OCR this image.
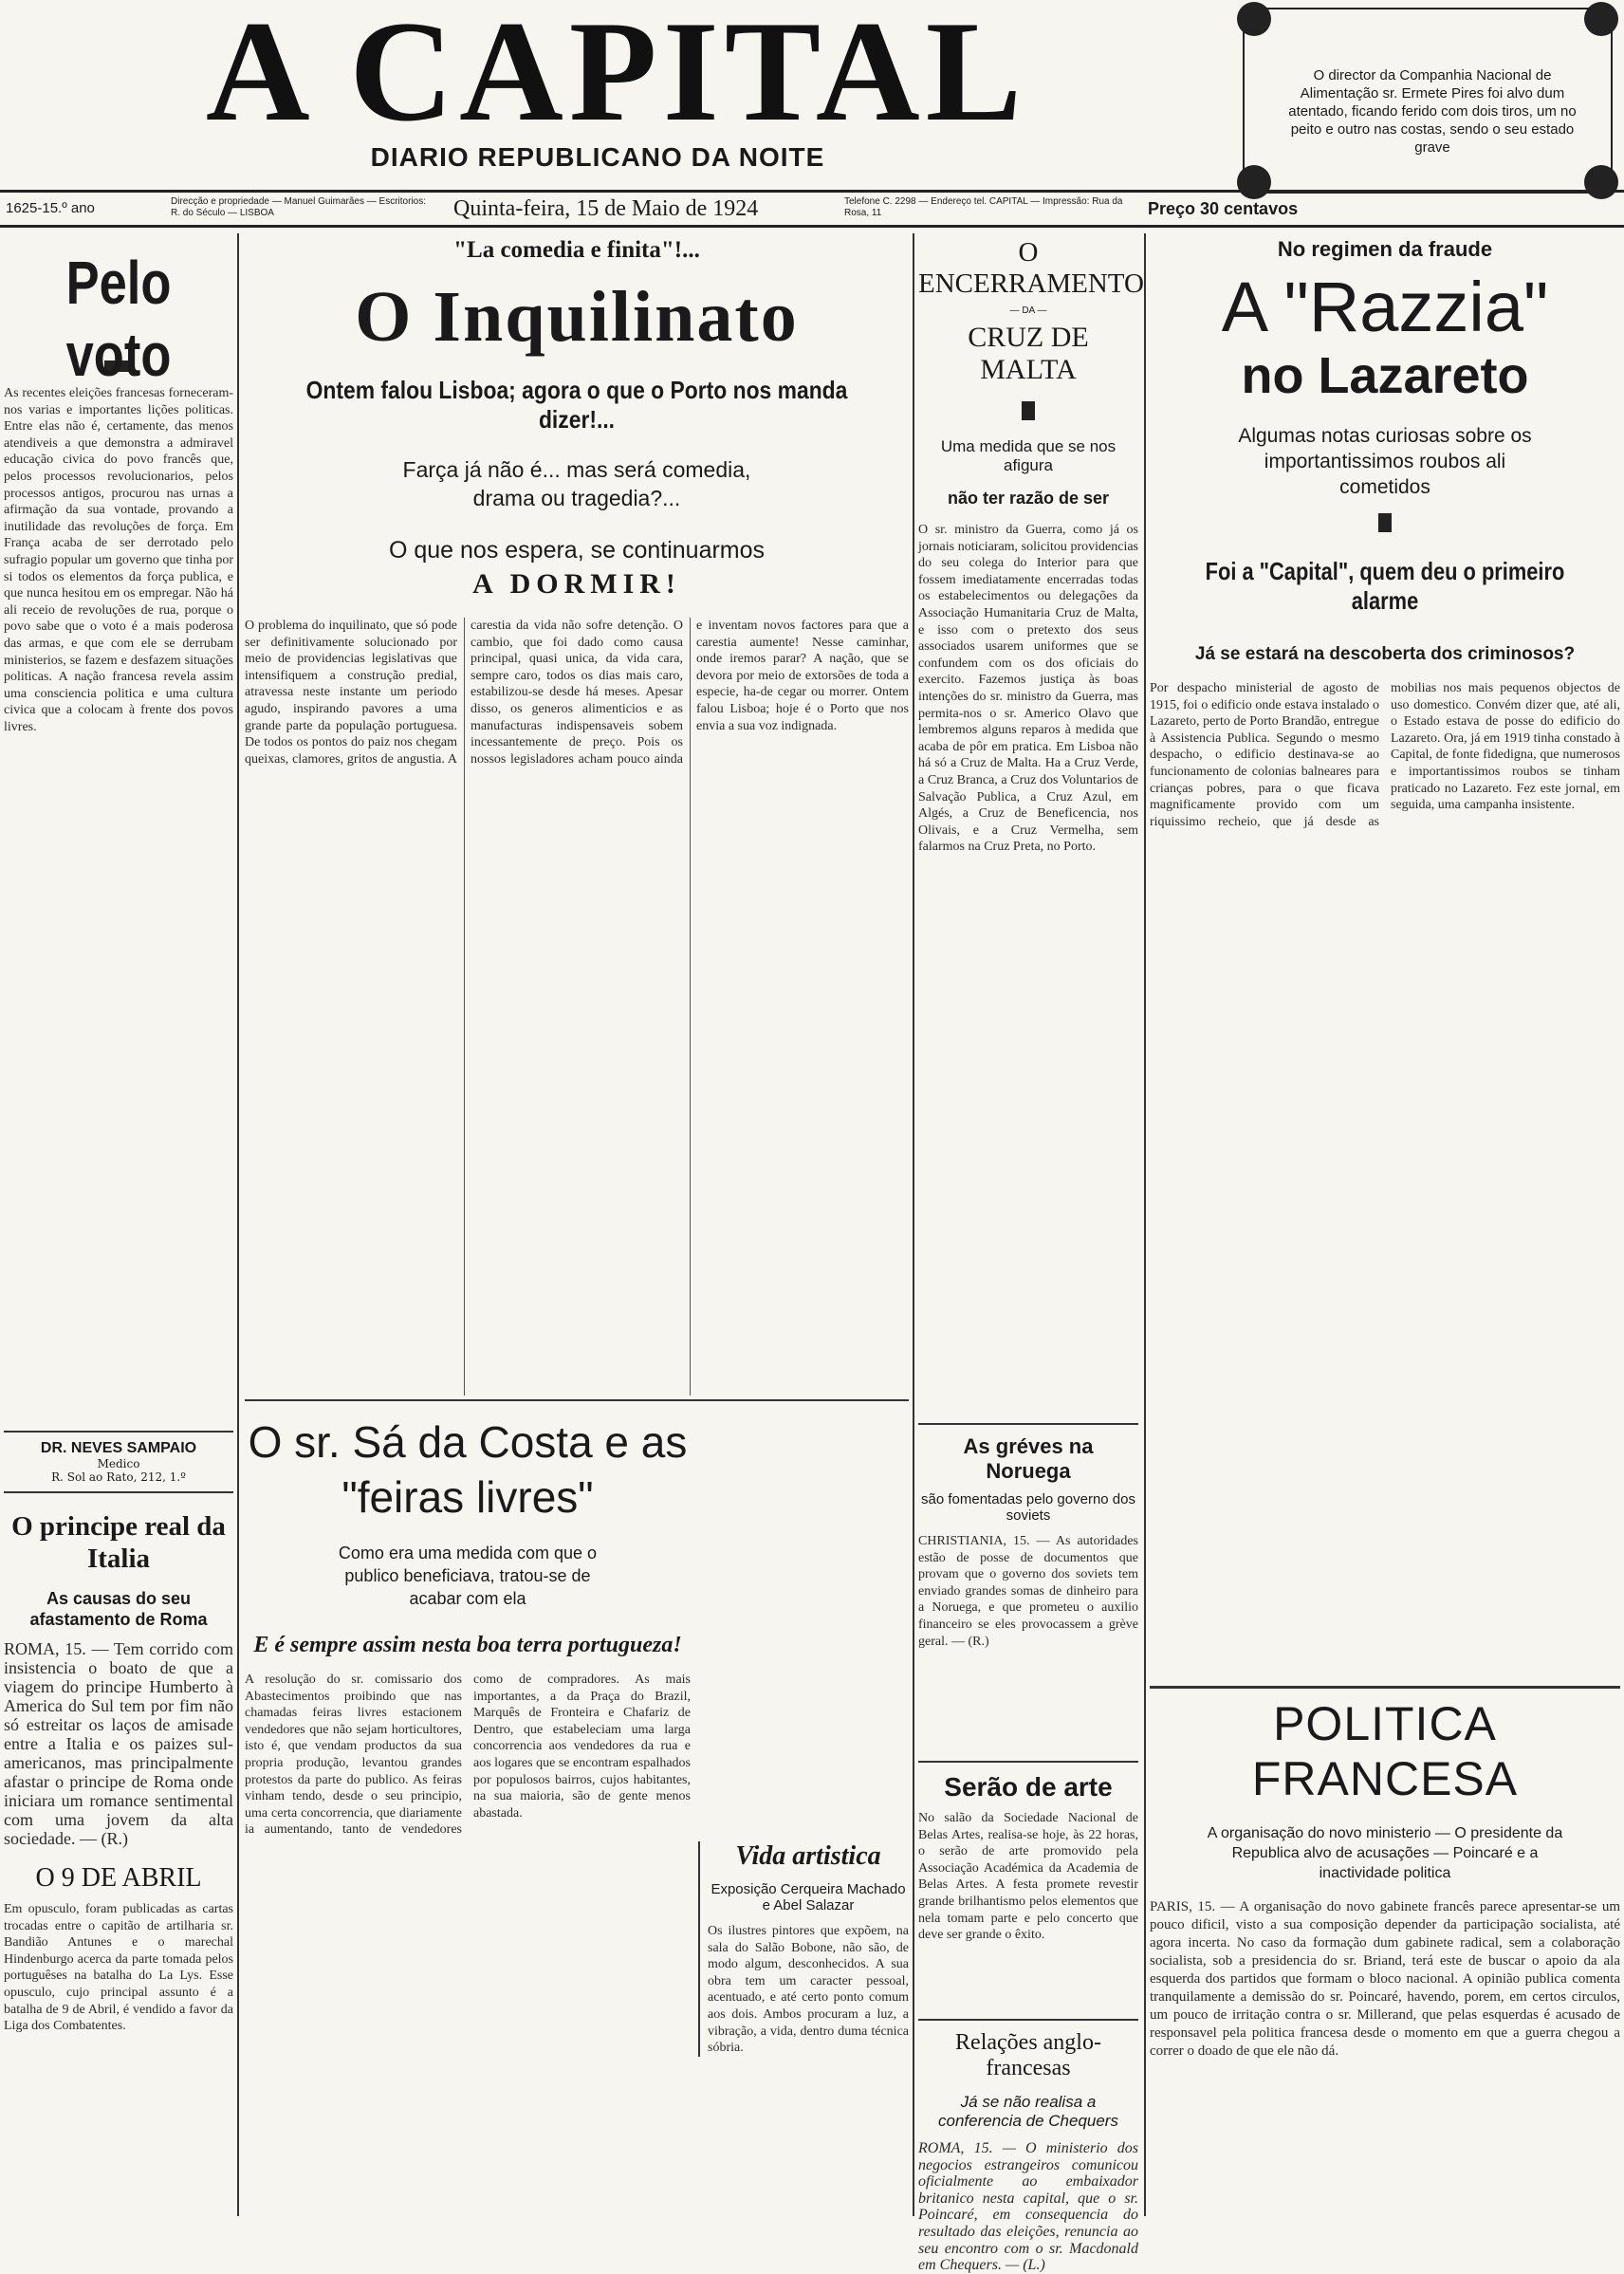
A CAPITAL
DIARIO REPUBLICANO DA NOITE
O director da Companhia Nacional de Alimentação sr. Ermete Pires foi alvo dum atentado, ficando ferido com dois tiros, um no peito e outro nas costas, sendo o seu estado grave
1625-15.º ano	Direcção e propriedade — Manuel Guimarães — Escritorios: R. do Século — LISBOA	Quinta-feira, 15 de Maio de 1924	Telefone C. 2298 — Endereço tel. CAPITAL — Impressão: Rua da Rosa, 11	Preço 30 centavos
Pelo voto
As recentes eleições francesas forneceram-nos varias e importantes lições politicas. Entre elas não é, certamente, das menos atendiveis a que demonstra a admiravel educação civica do povo francês que, pelos processos revolucionarios, pelos processos antigos, procurou nas urnas a afirmação da sua vontade, provando a inutilidade das revoluções de força. Em França acaba de ser derrotado pelo sufragio popular um governo que tinha por si todos os elementos da força publica, e que nunca hesitou em os empregar. Não há ali receio de revoluções de rua, porque o povo sabe que o voto é a mais poderosa das armas, e que com ele se derrubam ministerios, se fazem e desfazem situações politicas. A nação francesa revela assim uma consciencia politica e uma cultura civica que a colocam à frente dos povos livres.
DR. NEVES SAMPAIO
Medico
R. Sol ao Rato, 212, 1.º
O principe real da Italia
As causas do seu afastamento de Roma
ROMA, 15. — Tem corrido com insistencia o boato de que a viagem do principe Humberto à America do Sul tem por fim não só estreitar os laços de amisade entre a Italia e os paizes sul-americanos, mas principalmente afastar o principe de Roma onde iniciara um romance sentimental com uma jovem da alta sociedade. — (R.)
O 9 DE ABRIL
Em opusculo, foram publicadas as cartas trocadas entre o capitão de artilharia sr. Bandião Antunes e o marechal Hindenburgo acerca da parte tomada pelos portuguêses na batalha do La Lys. Esse opusculo, cujo principal assunto é a batalha de 9 de Abril, é vendido a favor da Liga dos Combatentes.
"La comedia e finita"!...
O Inquilinato
Ontem falou Lisboa; agora o que o Porto nos manda dizer!...
Farça já não é... mas será comedia, drama ou tragedia?...
O que nos espera, se continuarmos
A DORMIR!
O problema do inquilinato, que só pode ser definitivamente solucionado por meio de providencias legislativas que intensifiquem a construção predial, atravessa neste instante um periodo agudo, inspirando pavores a uma grande parte da população portuguesa. De todos os pontos do paiz nos chegam queixas, clamores, gritos de angustia. A carestia da vida não sofre detenção. O cambio, que foi dado como causa principal, quasi unica, da vida cara, sempre caro, todos os dias mais caro, estabilizou-se desde há meses. Apesar disso, os generos alimenticios e as manufacturas indispensaveis sobem incessantemente de preço. Pois os nossos legisladores acham pouco ainda e inventam novos factores para que a carestia aumente! Nesse caminhar, onde iremos parar? A nação, que se devora por meio de extorsões de toda a especie, ha-de cegar ou morrer. Ontem falou Lisboa; hoje é o Porto que nos envia a sua voz indignada.
O sr. Sá da Costa e as "feiras livres"
Como era uma medida com que o publico beneficiava, tratou-se de acabar com ela
E é sempre assim nesta boa terra portugueza!
A resolução do sr. comissario dos Abastecimentos proibindo que nas chamadas feiras livres estacionem vendedores que não sejam horticultores, isto é, que vendam productos da sua propria produção, levantou grandes protestos da parte do publico. As feiras vinham tendo, desde o seu principio, uma certa concorrencia, que diariamente ia aumentando, tanto de vendedores como de compradores. As mais importantes, a da Praça do Brazil, Marquês de Fronteira e Chafariz de Dentro, que estabeleciam uma larga concorrencia aos vendedores da rua e aos logares que se encontram espalhados por populosos bairros, cujos habitantes, na sua maioria, são de gente menos abastada.
Vida artistica
Exposição Cerqueira Machado e Abel Salazar
Os ilustres pintores que expõem, na sala do Salão Bobone, não são, de modo algum, desconhecidos. A sua obra tem um caracter pessoal, acentuado, e até certo ponto comum aos dois. Ambos procuram a luz, a vibração, a vida, dentro duma técnica sóbria.
O ENCERRAMENTO
— DA —
CRUZ DE MALTA
Uma medida que se nos afigura
não ter razão de ser
O sr. ministro da Guerra, como já os jornais noticiaram, solicitou providencias do seu colega do Interior para que fossem imediatamente encerradas todas os estabelecimentos ou delegações da Associação Humanitaria Cruz de Malta, e isso com o pretexto dos seus associados usarem uniformes que se confundem com os dos oficiais do exercito. Fazemos justiça às boas intenções do sr. ministro da Guerra, mas permita-nos o sr. Americo Olavo que lembremos alguns reparos à medida que acaba de pôr em pratica. Em Lisboa não há só a Cruz de Malta. Ha a Cruz Verde, a Cruz Branca, a Cruz dos Voluntarios de Salvação Publica, a Cruz Azul, em Algés, a Cruz de Beneficencia, nos Olivais, e a Cruz Vermelha, sem falarmos na Cruz Preta, no Porto.
As gréves na Noruega
são fomentadas pelo governo dos soviets
CHRISTIANIA, 15. — As autoridades estão de posse de documentos que provam que o governo dos soviets tem enviado grandes somas de dinheiro para a Noruega, e que prometeu o auxilio financeiro se eles provocassem a grève geral. — (R.)
Serão de arte
No salão da Sociedade Nacional de Belas Artes, realisa-se hoje, às 22 horas, o serão de arte promovido pela Associação Académica da Academia de Belas Artes. A festa promete revestir grande brilhantismo pelos elementos que nela tomam parte e pelo concerto que deve ser grande o êxito.
Relações anglo-francesas
Já se não realisa a conferencia de Chequers
ROMA, 15. — O ministerio dos negocios estrangeiros comunicou oficialmente ao embaixador britanico nesta capital, que o sr. Poincaré, em consequencia do resultado das eleições, renuncia ao seu encontro com o sr. Macdonald em Chequers. — (L.)
No regimen da fraude
A "Razzia"
no Lazareto
Algumas notas curiosas sobre os importantissimos roubos ali cometidos
Foi a "Capital", quem deu o primeiro alarme
Já se estará na descoberta dos criminosos?
Por despacho ministerial de agosto de 1915, foi o edificio onde estava instalado o Lazareto, perto de Porto Brandão, entregue à Assistencia Publica. Segundo o mesmo despacho, o edificio destinava-se ao funcionamento de colonias balneares para crianças pobres, para o que ficava magnificamente provido com um riquissimo recheio, que já desde as mobilias nos mais pequenos objectos de uso domestico. Convém dizer que, até ali, o Estado estava de posse do edificio do Lazareto. Ora, já em 1919 tinha constado à Capital, de fonte fidedigna, que numerosos e importantissimos roubos se tinham praticado no Lazareto. Fez este jornal, em seguida, uma campanha insistente.
POLITICA FRANCESA
A organisação do novo ministerio — O presidente da Republica alvo de acusações — Poincaré e a inactividade politica
PARIS, 15. — A organisação do novo gabinete francês parece apresentar-se um pouco dificil, visto a sua composição depender da participação socialista, até agora incerta. No caso da formação dum gabinete radical, sem a colaboração socialista, sob a presidencia do sr. Briand, terá este de buscar o apoio da ala esquerda dos partidos que formam o bloco nacional. A opinião publica comenta tranquilamente a demissão do sr. Poincaré, havendo, porem, em certos circulos, um pouco de irritação contra o sr. Millerand, que pelas esquerdas é acusado de responsavel pela politica francesa desde o momento em que a guerra chegou a correr o doado de que ele não dá.
